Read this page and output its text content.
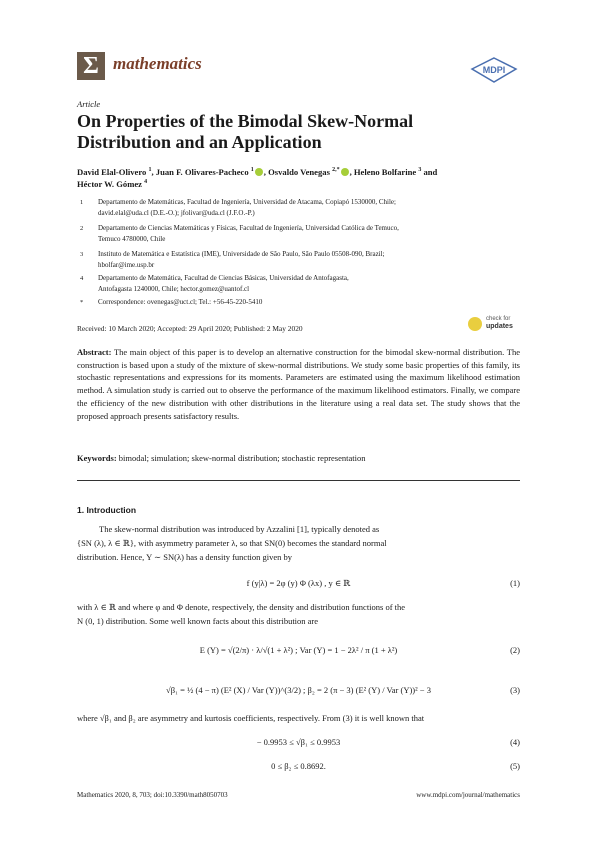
Σ mathematics	MDPI
Article
On Properties of the Bimodal Skew-Normal Distribution and an Application
David Elal-Olivero $^1$, Juan F. Olivares-Pacheco $^1$ , Osvaldo Venegas $^{2,*}$ , Heleno Bolfarine $^3$ and
Héctor W. Gómez $^4$
1 Departamento de Matemáticas, Facultad de Ingeniería, Universidad de Atacama, Copiapó 1530000, Chile;
david.elal@uda.cl (D.E.-O.); jfolivar@uda.cl (J.F.O.-P.)
2 Departamento de Ciencias Matemáticas y Físicas, Facultad de Ingeniería, Universidad Católica de Temuco,
Temuco 4780000, Chile
3 Instituto de Matemática e Estatística (IME), Universidade de São Paulo, São Paulo 05508-090, Brazil;
hbolfar@ime.usp.br
4 Departamento de Matemática, Facultad de Ciencias Básicas, Universidad de Antofagasta,
Antofagasta 1240000, Chile; hector.gomez@uantof.cl
* Correspondence: ovenegas@uct.cl; Tel.: +56-45-220-5410
Received: 10 March 2020; Accepted: 29 April 2020; Published: 2 May 2020
check for
updates
Abstract: The main object of this paper is to develop an alternative construction for the bimodal skew-normal distribution. The construction is based upon a study of the mixture of skew-normal distributions. We study some basic properties of this family, its stochastic representations and expressions for its moments. Parameters are estimated using the maximum likelihood estimation method. A simulation study is carried out to observe the performance of the maximum likelihood estimators. Finally, we compare the efficiency of the new distribution with other distributions in the literature using a real data set. The study shows that the proposed approach presents satisfactory results.
Keywords: bimodal; simulation; skew-normal distribution; stochastic representation
1. Introduction
The skew-normal distribution was introduced by Azzalini [1], typically denoted as
{SN (λ), λ ∈ ℝ}, with asymmetry parameter λ, so that SN(0) becomes the standard normal
distribution. Hence, Y ∼ SN(λ) has a density function given by
f (y|λ) = 2φ (y) Φ (λx) , y ∈ ℝ	(1)
with λ ∈ ℝ and where φ and Φ denote, respectively, the density and distribution functions of the
N (0, 1) distribution. Some well known facts about this distribution are
E (Y) = √(2/π) · λ/√(1 + λ²) ; Var (Y) = 1 − 2λ² / π (1 + λ²)	(2)
√β₁ = ½ (4 − π) (E² (X) / Var (Y))^(3/2) ; β₂ = 2 (π − 3) (E² (Y) / Var (Y))² − 3	(3)
where √β₁ and β₂ are asymmetry and kurtosis coefficients, respectively. From (3) it is well known that
− 0.9953 ≤ √β₁ ≤ 0.9953	(4)
0 ≤ β₂ ≤ 0.8692.	(5)
Mathematics 2020, 8, 703; doi:10.3390/math8050703	www.mdpi.com/journal/mathematics
